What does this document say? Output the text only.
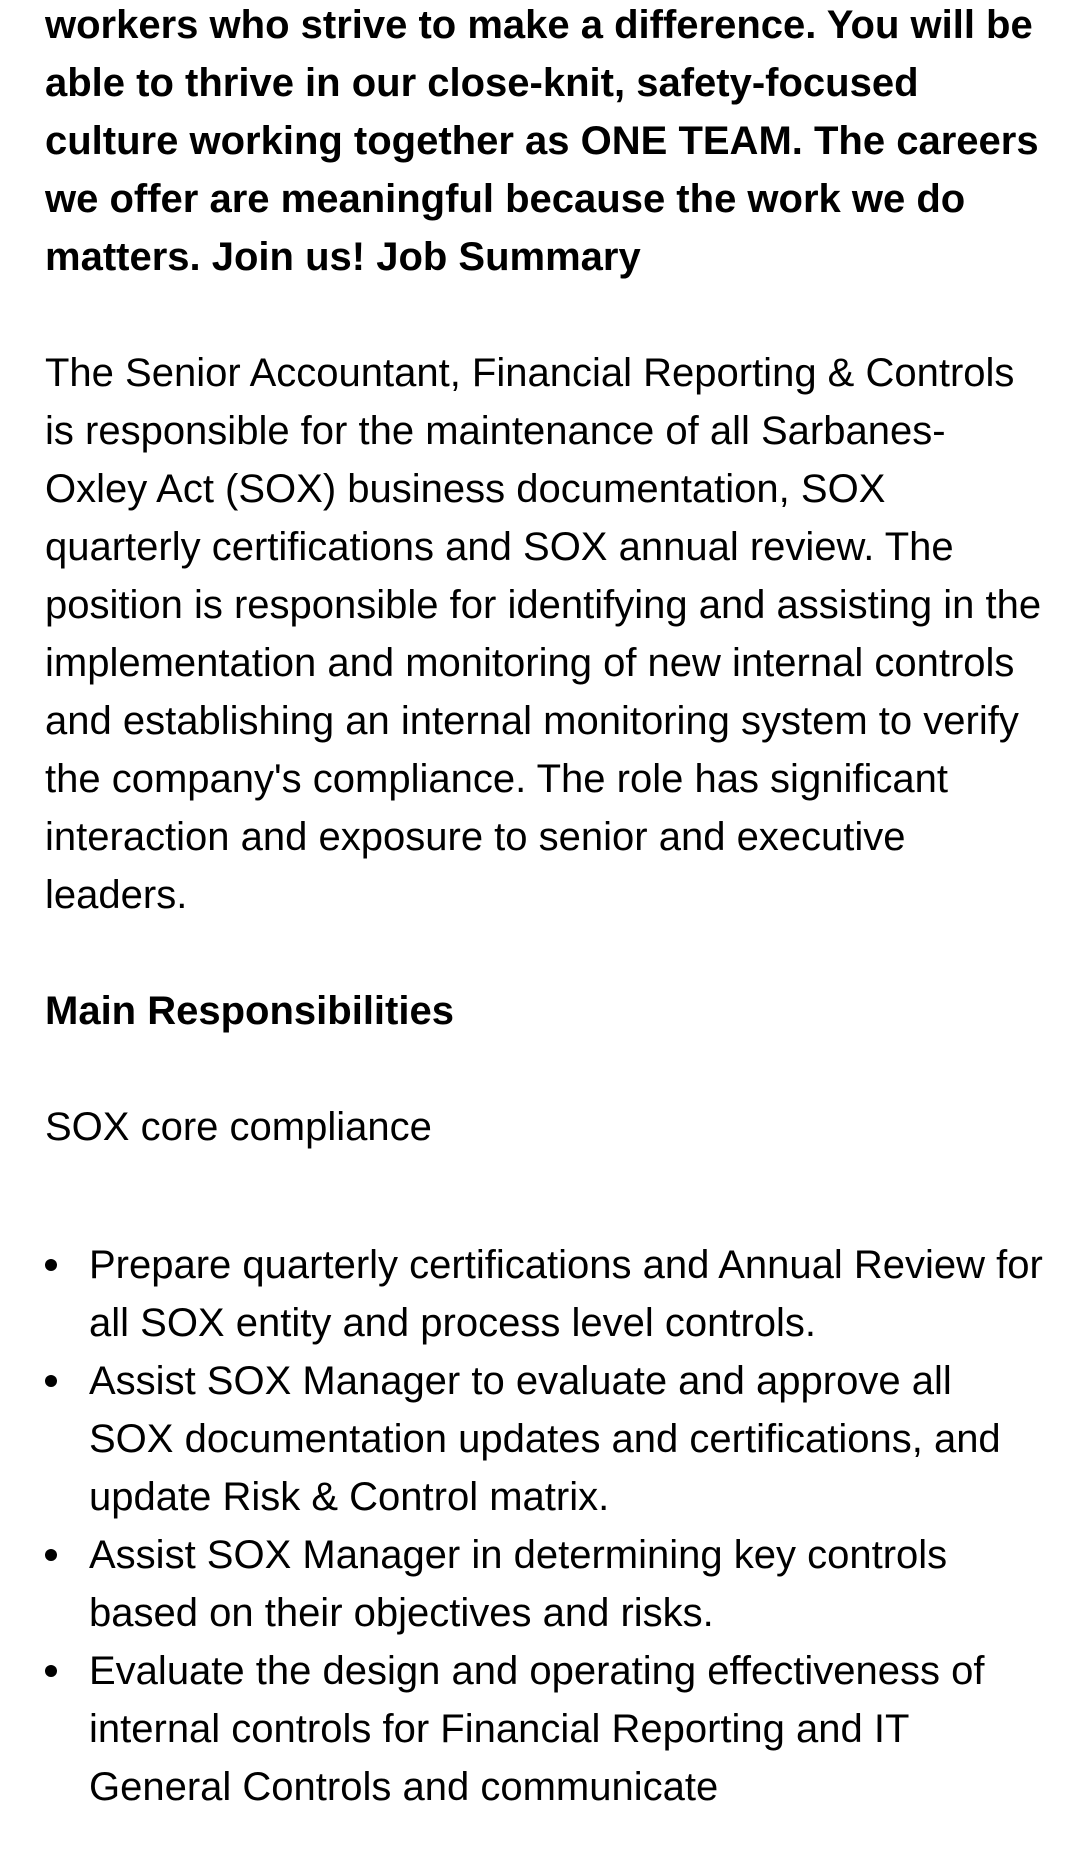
workers who strive to make a difference. You will be able to thrive in our close-knit, safety-focused culture working together as ONE TEAM. The careers we offer are meaningful because the work we do matters. Join us! Job Summary

The Senior Accountant, Financial Reporting & Controls is responsible for the maintenance of all Sarbanes-Oxley Act (SOX) business documentation, SOX quarterly certifications and SOX annual review. The position is responsible for identifying and assisting in the implementation and monitoring of new internal controls and establishing an internal monitoring system to verify the company's compliance. The role has significant interaction and exposure to senior and executive leaders.

Main Responsibilities

SOX core compliance

Prepare quarterly certifications and Annual Review for all SOX entity and process level controls.
Assist SOX Manager to evaluate and approve all SOX documentation updates and certifications, and update Risk & Control matrix.
Assist SOX Manager in determining key controls based on their objectives and risks.
Evaluate the design and operating effectiveness of internal controls for Financial Reporting and IT General Controls and communicate
